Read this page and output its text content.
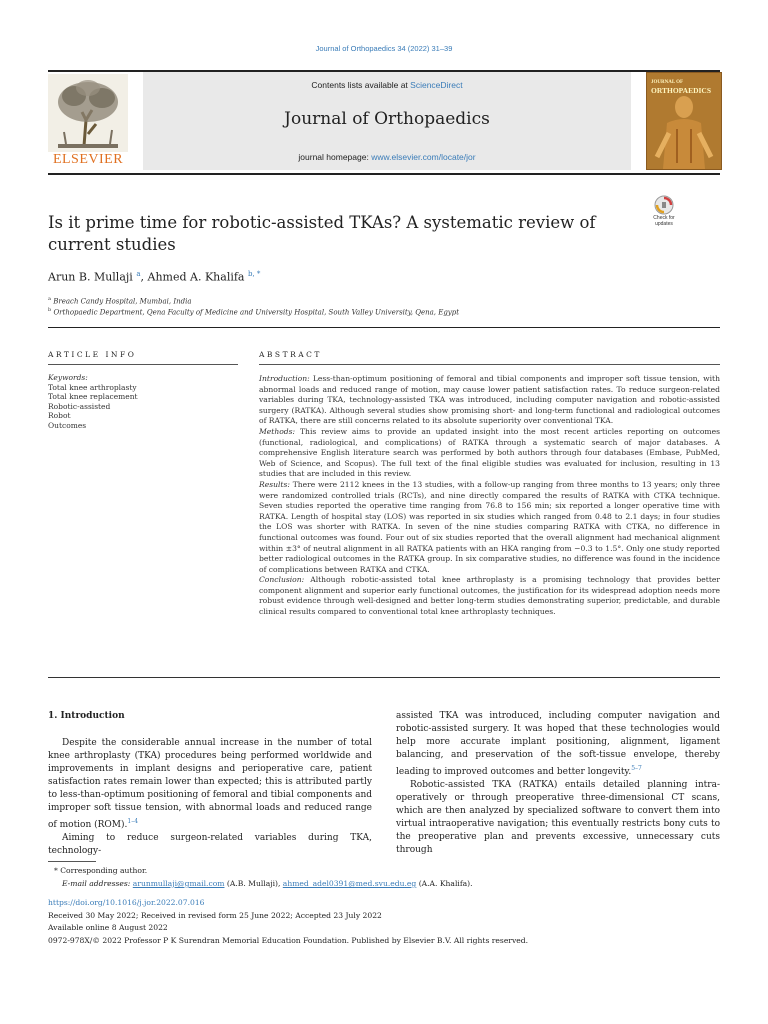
Journal of Orthopaedics 34 (2022) 31–39
ELSEVIER
Contents lists available at ScienceDirect
Journal of Orthopaedics
journal homepage: www.elsevier.com/locate/jor
JOURNAL OF
ORTHOPAEDICS
Check for
updates
Is it prime time for robotic-assisted TKAs? A systematic review of current studies
Arun B. Mullaji $^a$, Ahmed A. Khalifa $^{b, *}$
$^a$ Breach Candy Hospital, Mumbai, India
$^b$ Orthopaedic Department, Qena Faculty of Medicine and University Hospital, South Valley University, Qena, Egypt
ARTICLE INFO	ABSTRACT
Keywords:
Total knee arthroplasty
Total knee replacement
Robotic-assisted
Robot
Outcomes

Introduction: Less-than-optimum positioning of femoral and tibial components and improper soft tissue tension, with abnormal loads and reduced range of motion, may cause lower patient satisfaction rates. To reduce surgeon-related variables during TKA, technology-assisted TKA was introduced, including computer navigation and robotic-assisted surgery (RATKA). Although several studies show promising short- and long-term functional and radiological outcomes of RATKA, there are still concerns related to its absolute superiority over conventional TKA.

Methods: This review aims to provide an updated insight into the most recent articles reporting on outcomes (functional, radiological, and complications) of RATKA through a systematic search of major databases. A comprehensive English literature search was performed by both authors through four databases (Embase, PubMed, Web of Science, and Scopus). The full text of the final eligible studies was evaluated for inclusion, resulting in 13 studies that are included in this review.

Results: There were 2112 knees in the 13 studies, with a follow-up ranging from three months to 13 years; only three were randomized controlled trials (RCTs), and nine directly compared the results of RATKA with CTKA technique. Seven studies reported the operative time ranging from 76.8 to 156 min; six reported a longer operative time with RATKA. Length of hospital stay (LOS) was reported in six studies which ranged from 0.48 to 2.1 days; in four studies the LOS was shorter with RATKA. In seven of the nine studies comparing RATKA with CTKA, no difference in functional outcomes was found. Four out of six studies reported that the overall alignment had mechanical alignment within ±3° of neutral alignment in all RATKA patients with an HKA ranging from −0.3 to 1.5°. Only one study reported better radiological outcomes in the RATKA group. In six comparative studies, no difference was found in the incidence of complications between RATKA and CTKA.

Conclusion: Although robotic-assisted total knee arthroplasty is a promising technology that provides better component alignment and superior early functional outcomes, the justification for its widespread adoption needs more robust evidence through well-designed and better long-term studies demonstrating superior, predictable, and durable clinical results compared to conventional total knee arthroplasty techniques.

1. Introduction

Despite the considerable annual increase in the number of total knee arthroplasty (TKA) procedures being performed worldwide and improvements in implant designs and perioperative care, patient satisfaction rates remain lower than expected; this is attributed partly to less-than-optimum positioning of femoral and tibial components and improper soft tissue tension, with abnormal loads and reduced range of motion (ROM).$^{1-4}$

Aiming to reduce surgeon-related variables during TKA, technology-

assisted TKA was introduced, including computer navigation and robotic-assisted surgery. It was hoped that these technologies would help more accurate implant positioning, alignment, ligament balancing, and preservation of the soft-tissue envelope, thereby leading to improved outcomes and better longevity.$^{5-7}$

Robotic-assisted TKA (RATKA) entails detailed planning intra-operatively or through preoperative three-dimensional CT scans, which are then analyzed by specialized software to convert them into virtual intraoperative navigation; this eventually restricts bony cuts to the preoperative plan and prevents excessive, unnecessary cuts through

* Corresponding author.
E-mail addresses: arunmullaji@gmail.com (A.B. Mullaji), ahmed_adel0391@med.svu.edu.eg (A.A. Khalifa).
https://doi.org/10.1016/j.jor.2022.07.016
Received 30 May 2022; Received in revised form 25 June 2022; Accepted 23 July 2022
Available online 8 August 2022
0972-978X/© 2022 Professor P K Surendran Memorial Education Foundation. Published by Elsevier B.V. All rights reserved.
